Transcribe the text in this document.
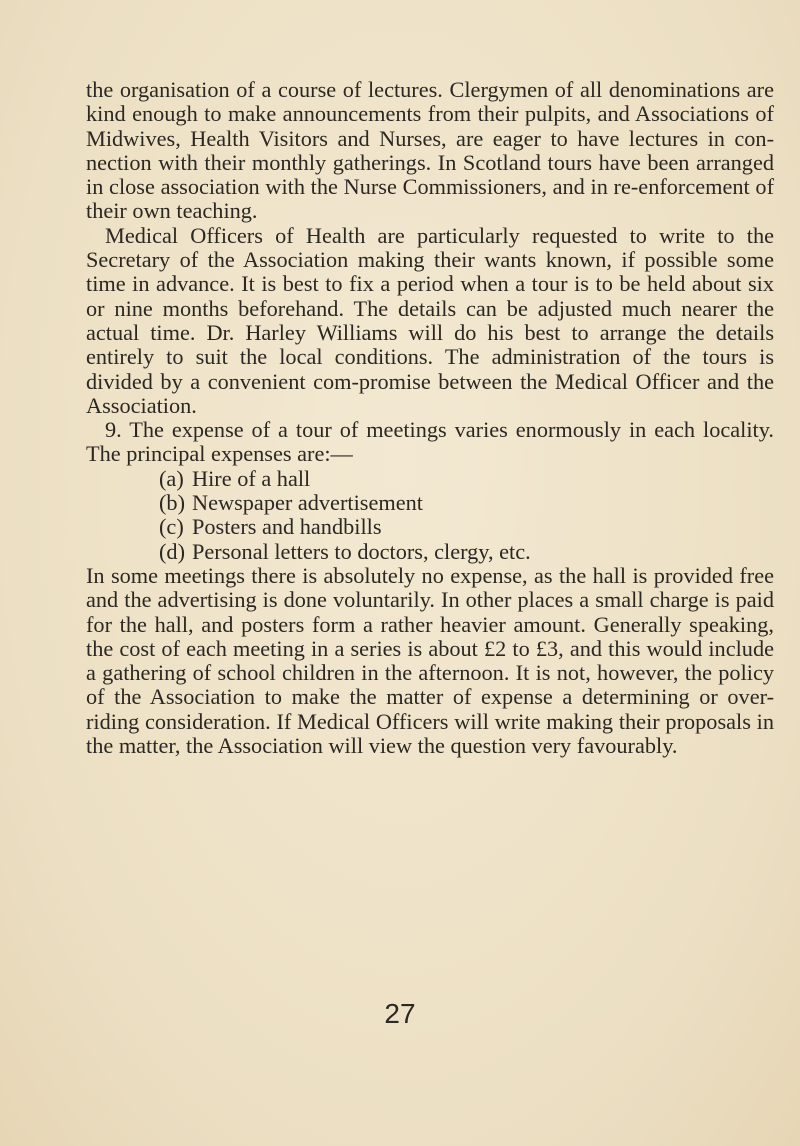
the organisation of a course of lectures. Clergymen of all denominations are kind enough to make announcements from their pulpits, and Associations of Midwives, Health Visitors and Nurses, are eager to have lectures in con-nection with their monthly gatherings. In Scotland tours have been arranged in close association with the Nurse Commissioners, and in re-enforcement of their own teaching.

Medical Officers of Health are particularly requested to write to the Secretary of the Association making their wants known, if possible some time in advance. It is best to fix a period when a tour is to be held about six or nine months beforehand. The details can be adjusted much nearer the actual time. Dr. Harley Williams will do his best to arrange the details entirely to suit the local conditions. The administration of the tours is divided by a convenient com-promise between the Medical Officer and the Association.

9. The expense of a tour of meetings varies enormously in each locality. The principal expenses are:—

(a) Hire of a hall
(b) Newspaper advertisement
(c) Posters and handbills
(d) Personal letters to doctors, clergy, etc.

In some meetings there is absolutely no expense, as the hall is provided free and the advertising is done voluntarily. In other places a small charge is paid for the hall, and posters form a rather heavier amount. Generally speaking, the cost of each meeting in a series is about £2 to £3, and this would include a gathering of school children in the afternoon. It is not, however, the policy of the Association to make the matter of expense a determining or over-riding consideration. If Medical Officers will write making their proposals in the matter, the Association will view the question very favourably.

27
